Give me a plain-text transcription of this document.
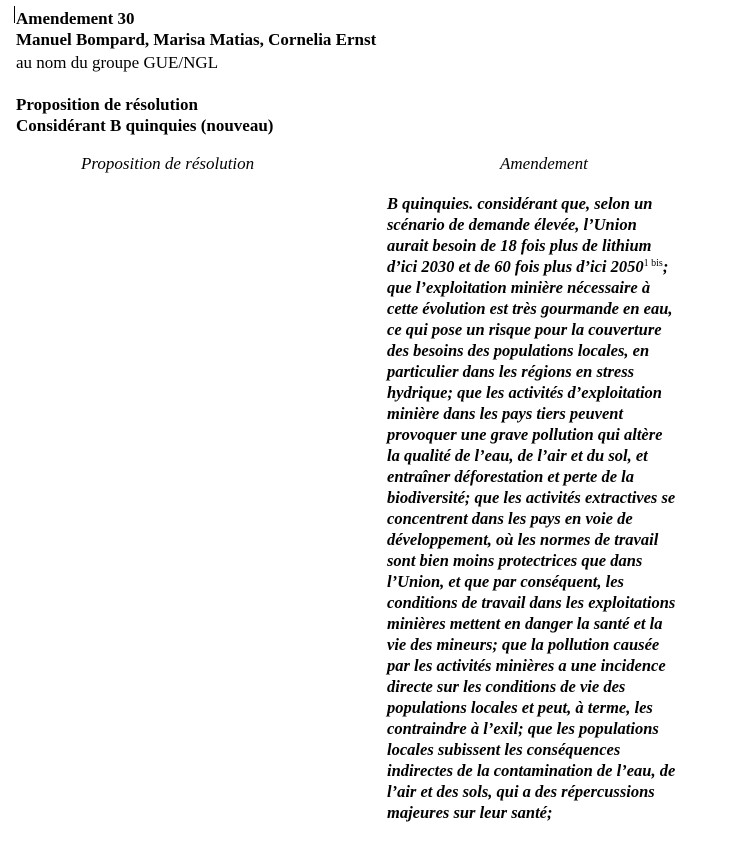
Amendement 30
Manuel Bompard, Marisa Matias, Cornelia Ernst
au nom du groupe GUE/NGL
Proposition de résolution
Considérant B quinquies (nouveau)
Proposition de résolution	Amendement
B quinquies. considérant que, selon un
scénario de demande élevée, l’Union
aurait besoin de 18 fois plus de lithium
d’ici 2030 et de 60 fois plus d’ici $2050^{1 bis}$;
que l’exploitation minière nécessaire à
cette évolution est très gourmande en eau,
ce qui pose un risque pour la couverture
des besoins des populations locales, en
particulier dans les régions en stress
hydrique; que les activités d’exploitation
minière dans les pays tiers peuvent
provoquer une grave pollution qui altère
la qualité de l’eau, de l’air et du sol, et
entraîner déforestation et perte de la
biodiversité; que les activités extractives se
concentrent dans les pays en voie de
développement, où les normes de travail
sont bien moins protectrices que dans
l’Union, et que par conséquent, les
conditions de travail dans les exploitations
minières mettent en danger la santé et la
vie des mineurs; que la pollution causée
par les activités minières a une incidence
directe sur les conditions de vie des
populations locales et peut, à terme, les
contraindre à l’exil; que les populations
locales subissent les conséquences
indirectes de la contamination de l’eau, de
l’air et des sols, qui a des répercussions
majeures sur leur santé;
